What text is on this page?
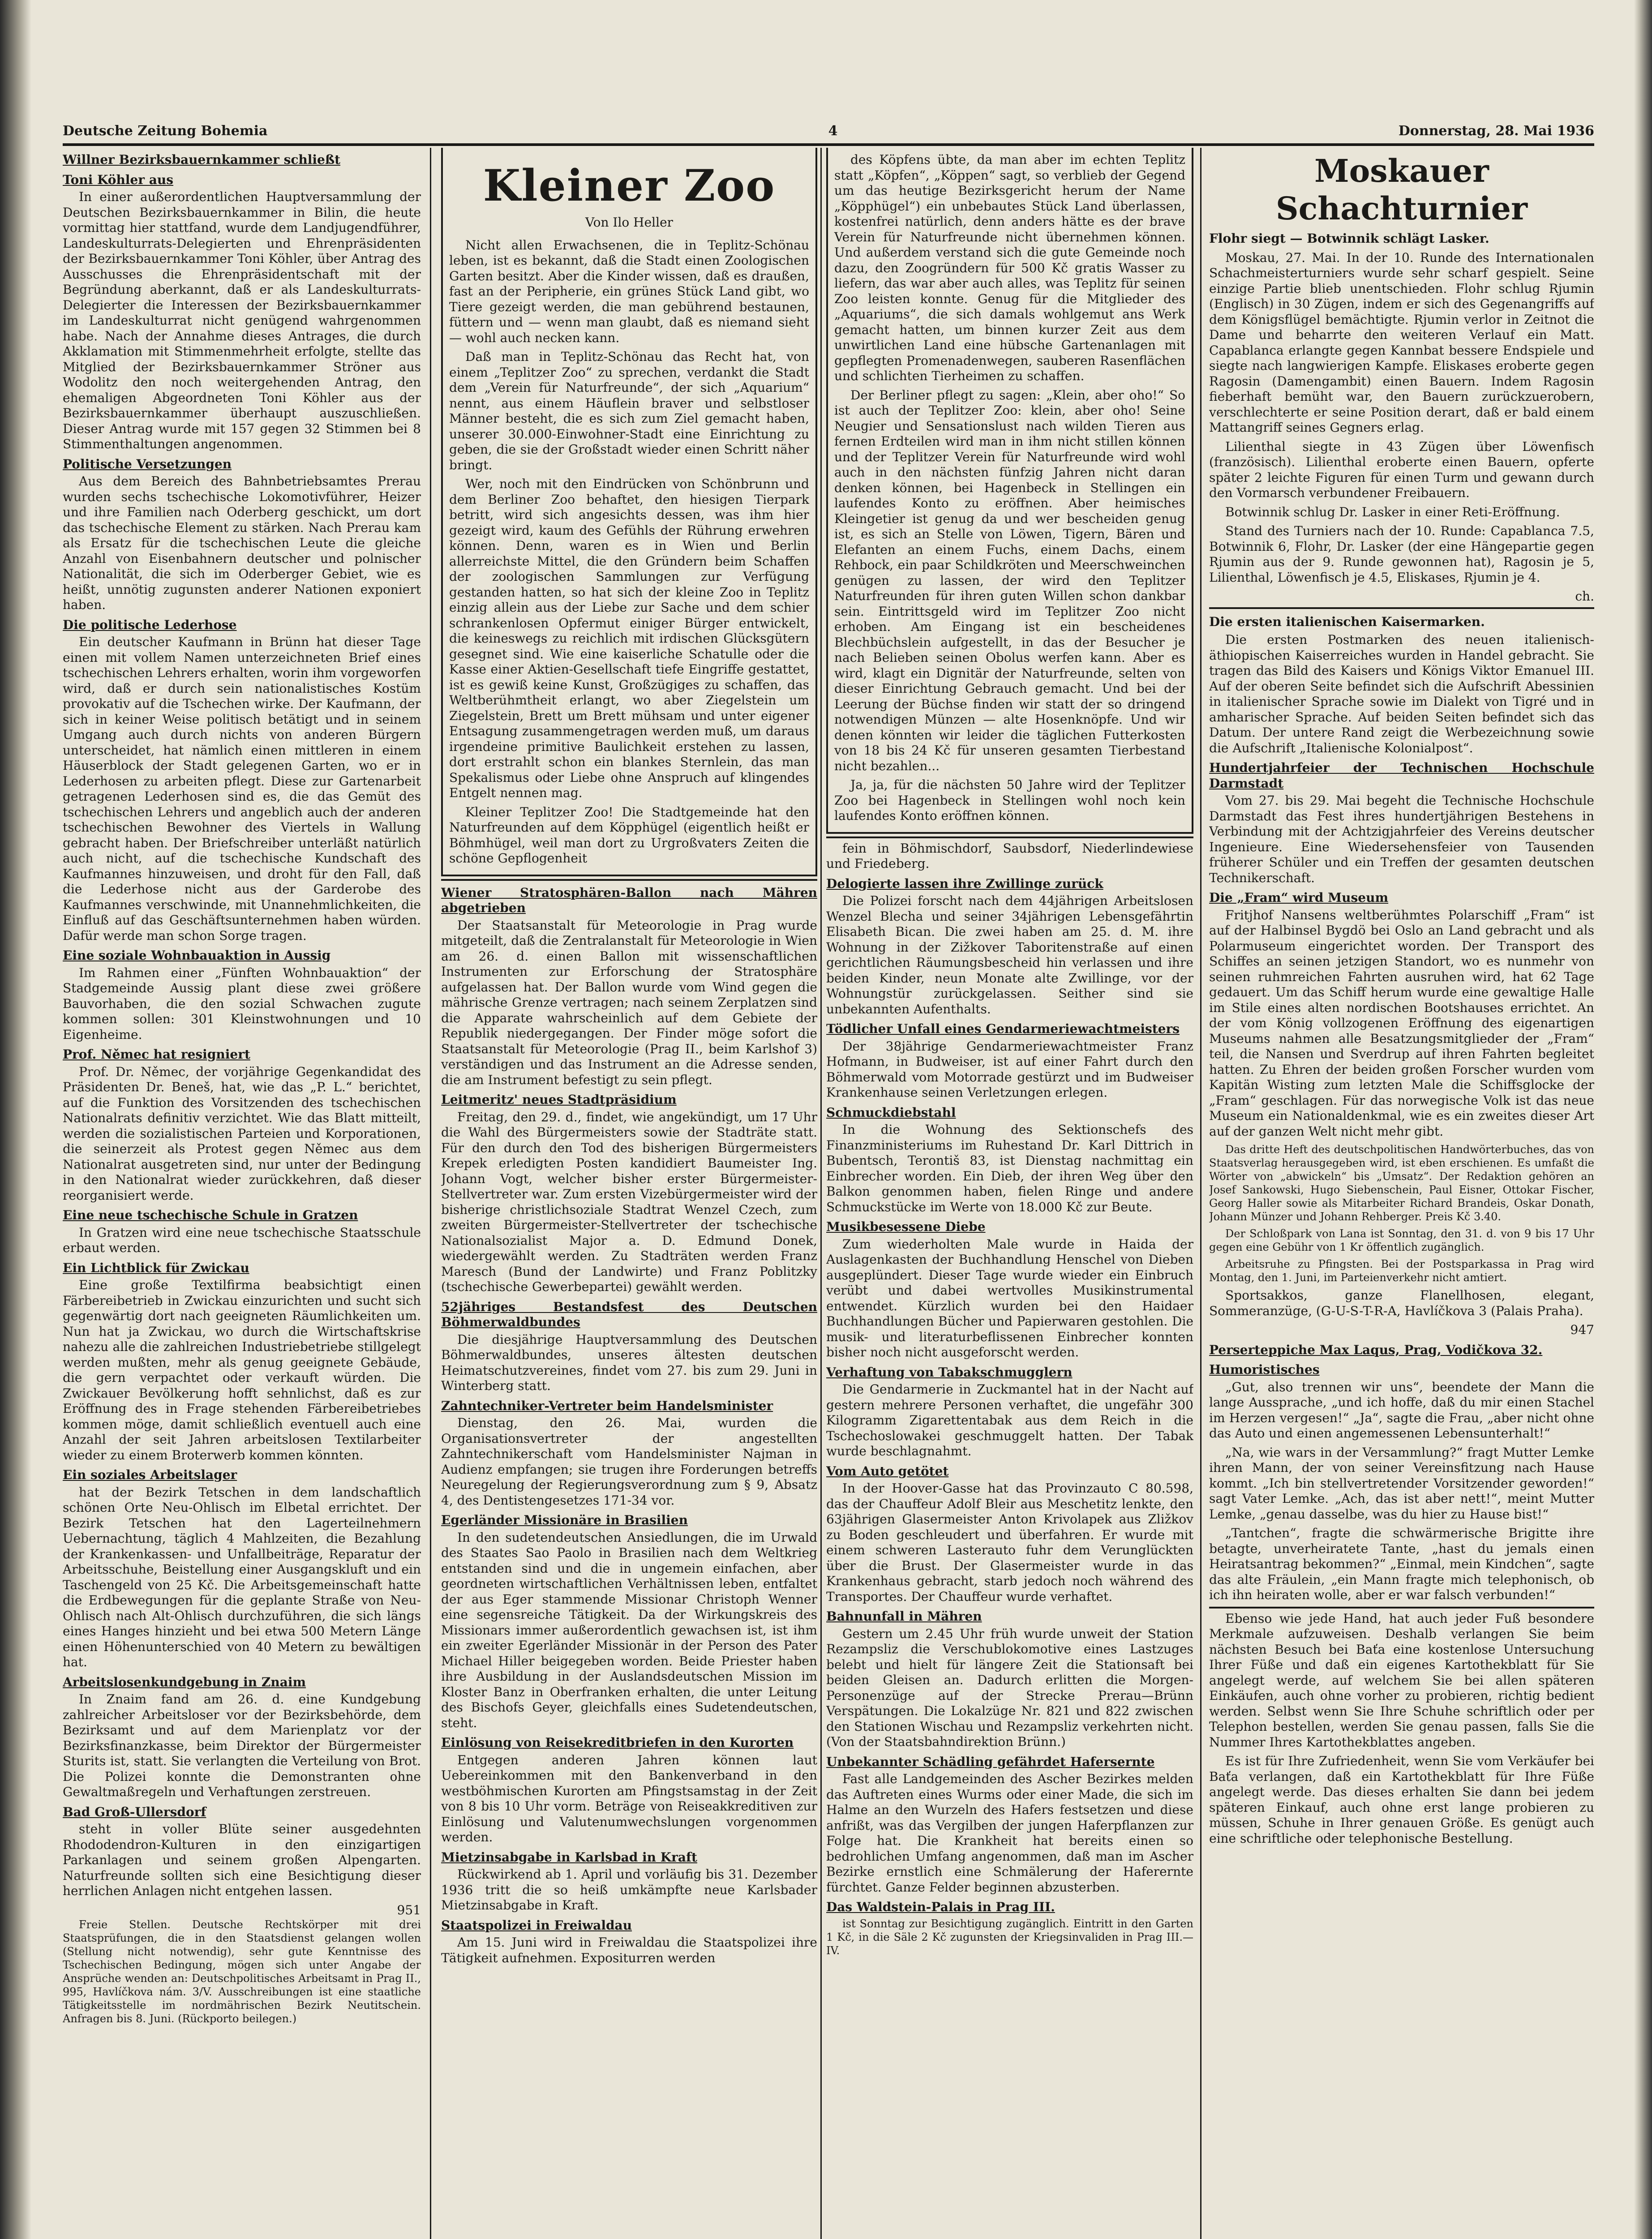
Deutsche Zeitung Bohemia	4	Donnerstag, 28. Mai 1936
Willner Bezirksbauernkammer schließt
Toni Köhler aus

In einer außerordentlichen Hauptversammlung der Deutschen Bezirksbauernkammer in Bilin, die heute vormittag hier stattfand, wurde dem Landjugendführer, Landeskulturrats-Delegierten und Ehrenpräsidenten der Bezirksbauernkammer Toni Köhler, über Antrag des Ausschusses die Ehrenpräsidentschaft mit der Begründung aberkannt, daß er als Landeskulturrats-Delegierter die Interessen der Bezirksbauernkammer im Landeskulturrat nicht genügend wahrgenommen habe. Nach der Annahme dieses Antrages, die durch Akklamation mit Stimmenmehrheit erfolgte, stellte das Mitglied der Bezirksbauernkammer Ströner aus Wodolitz den noch weitergehenden Antrag, den ehemaligen Abgeordneten Toni Köhler aus der Bezirksbauernkammer überhaupt auszuschließen. Dieser Antrag wurde mit 157 gegen 32 Stimmen bei 8 Stimmenthaltungen angenommen.

Politische Versetzungen

Aus dem Bereich des Bahnbetriebsamtes Prerau wurden sechs tschechische Lokomotivführer, Heizer und ihre Familien nach Oderberg geschickt, um dort das tschechische Element zu stärken. Nach Prerau kam als Ersatz für die tschechischen Leute die gleiche Anzahl von Eisenbahnern deutscher und polnischer Nationalität, die sich im Oderberger Gebiet, wie es heißt, unnötig zugunsten anderer Nationen exponiert haben.

Die politische Lederhose

Ein deutscher Kaufmann in Brünn hat dieser Tage einen mit vollem Namen unterzeichneten Brief eines tschechischen Lehrers erhalten, worin ihm vorgeworfen wird, daß er durch sein nationalistisches Kostüm provokativ auf die Tschechen wirke. Der Kaufmann, der sich in keiner Weise politisch betätigt und in seinem Umgang auch durch nichts von anderen Bürgern unterscheidet, hat nämlich einen mittleren in einem Häuserblock der Stadt gelegenen Garten, wo er in Lederhosen zu arbeiten pflegt. Diese zur Gartenarbeit getragenen Lederhosen sind es, die das Gemüt des tschechischen Lehrers und angeblich auch der anderen tschechischen Bewohner des Viertels in Wallung gebracht haben. Der Briefschreiber unterläßt natürlich auch nicht, auf die tschechische Kundschaft des Kaufmannes hinzuweisen, und droht für den Fall, daß die Lederhose nicht aus der Garderobe des Kaufmannes verschwinde, mit Unannehmlichkeiten, die Einfluß auf das Geschäftsunternehmen haben würden. Dafür werde man schon Sorge tragen.

Eine soziale Wohnbauaktion in Aussig

Im Rahmen einer „Fünften Wohnbauaktion“ der Stadgemeinde Aussig plant diese zwei größere Bauvorhaben, die den sozial Schwachen zugute kommen sollen: 301 Kleinstwohnungen und 10 Eigenheime.

Prof. Němec hat resigniert

Prof. Dr. Němec, der vorjährige Gegenkandidat des Präsidenten Dr. Beneš, hat, wie das „P. L.“ berichtet, auf die Funktion des Vorsitzenden des tschechischen Nationalrats definitiv verzichtet. Wie das Blatt mitteilt, werden die sozialistischen Parteien und Korporationen, die seinerzeit als Protest gegen Němec aus dem Nationalrat ausgetreten sind, nur unter der Bedingung in den Nationalrat wieder zurückkehren, daß dieser reorganisiert werde.

Eine neue tschechische Schule in Gratzen

In Gratzen wird eine neue tschechische Staatsschule erbaut werden.

Ein Lichtblick für Zwickau

Eine große Textilfirma beabsichtigt einen Färbereibetrieb in Zwickau einzurichten und sucht sich gegenwärtig dort nach geeigneten Räumlichkeiten um. Nun hat ja Zwickau, wo durch die Wirtschaftskrise nahezu alle die zahlreichen Industriebetriebe stillgelegt werden mußten, mehr als genug geeignete Gebäude, die gern verpachtet oder verkauft würden. Die Zwickauer Bevölkerung hofft sehnlichst, daß es zur Eröffnung des in Frage stehenden Färbereibetriebes kommen möge, damit schließlich eventuell auch eine Anzahl der seit Jahren arbeitslosen Textilarbeiter wieder zu einem Broterwerb kommen könnten.

Ein soziales Arbeitslager

hat der Bezirk Tetschen in dem landschaftlich schönen Orte Neu-Ohlisch im Elbetal errichtet. Der Bezirk Tetschen hat den Lagerteilnehmern Uebernachtung, täglich 4 Mahlzeiten, die Bezahlung der Krankenkassen- und Unfallbeiträge, Reparatur der Arbeitsschuhe, Beistellung einer Ausgangskluft und ein Taschengeld von 25 Kč. Die Arbeitsgemeinschaft hatte die Erdbewegungen für die geplante Straße von Neu-Ohlisch nach Alt-Ohlisch durchzuführen, die sich längs eines Hanges hinzieht und bei etwa 500 Metern Länge einen Höhenunterschied von 40 Metern zu bewältigen hat.

Arbeitslosenkundgebung in Znaim

In Znaim fand am 26. d. eine Kundgebung zahlreicher Arbeitsloser vor der Bezirksbehörde, dem Bezirksamt und auf dem Marienplatz vor der Bezirksfinanzkasse, beim Direktor der Bürgermeister Sturits ist, statt. Sie verlangten die Verteilung von Brot. Die Polizei konnte die Demonstranten ohne Gewaltmaßregeln und Verhaftungen zerstreuen.

Bad Groß-Ullersdorf

steht in voller Blüte seiner ausgedehnten Rhododendron-Kulturen in den einzigartigen Parkanlagen und seinem großen Alpengarten. Naturfreunde sollten sich eine Besichtigung dieser herrlichen Anlagen nicht entgehen lassen.

951

Freie Stellen. Deutsche Rechtskörper mit drei Staatsprüfungen, die in den Staatsdienst gelangen wollen (Stellung nicht notwendig), sehr gute Kenntnisse des Tschechischen Bedingung, mögen sich unter Angabe der Ansprüche wenden an: Deutschpolitisches Arbeitsamt in Prag II., 995, Havlíčkova nám. 3/V. Ausschreibungen ist eine staatliche Tätigkeitsstelle im nordmährischen Bezirk Neutitschein. Anfragen bis 8. Juni. (Rückporto beilegen.)

Kleiner Zoo
Von Ilo Heller

Nicht allen Erwachsenen, die in Teplitz-Schönau leben, ist es bekannt, daß die Stadt einen Zoologischen Garten besitzt. Aber die Kinder wissen, daß es draußen, fast an der Peripherie, ein grünes Stück Land gibt, wo Tiere gezeigt werden, die man gebührend bestaunen, füttern und — wenn man glaubt, daß es niemand sieht — wohl auch necken kann.

Daß man in Teplitz-Schönau das Recht hat, von einem „Teplitzer Zoo“ zu sprechen, verdankt die Stadt dem „Verein für Naturfreunde“, der sich „Aquarium“ nennt, aus einem Häuflein braver und selbstloser Männer besteht, die es sich zum Ziel gemacht haben, unserer 30.000-Einwohner-Stadt eine Einrichtung zu geben, die sie der Großstadt wieder einen Schritt näher bringt.

Wer, noch mit den Eindrücken von Schönbrunn und dem Berliner Zoo behaftet, den hiesigen Tierpark betritt, wird sich angesichts dessen, was ihm hier gezeigt wird, kaum des Gefühls der Rührung erwehren können. Denn, waren es in Wien und Berlin allerreichste Mittel, die den Gründern beim Schaffen der zoologischen Sammlungen zur Verfügung gestanden hatten, so hat sich der kleine Zoo in Teplitz einzig allein aus der Liebe zur Sache und dem schier schrankenlosen Opfermut einiger Bürger entwickelt, die keineswegs zu reichlich mit irdischen Glücksgütern gesegnet sind. Wie eine kaiserliche Schatulle oder die Kasse einer Aktien-Gesellschaft tiefe Eingriffe gestattet, ist es gewiß keine Kunst, Großzügiges zu schaffen, das Weltberühmtheit erlangt, wo aber Ziegelstein um Ziegelstein, Brett um Brett mühsam und unter eigener Entsagung zusammengetragen werden muß, um daraus irgendeine primitive Baulichkeit erstehen zu lassen, dort erstrahlt schon ein blankes Sternlein, das man Spekalismus oder Liebe ohne Anspruch auf klingendes Entgelt nennen mag.

Kleiner Teplitzer Zoo! Die Stadtgemeinde hat den Naturfreunden auf dem Köpphügel (eigentlich heißt er Böhmhügel, weil man dort zu Urgroßvaters Zeiten die schöne Gepflogenheit

Wiener Stratosphären-Ballon nach Mähren abgetrieben

Der Staatsanstalt für Meteorologie in Prag wurde mitgeteilt, daß die Zentralanstalt für Meteorologie in Wien am 26. d. einen Ballon mit wissenschaftlichen Instrumenten zur Erforschung der Stratosphäre aufgelassen hat. Der Ballon wurde vom Wind gegen die mährische Grenze vertragen; nach seinem Zerplatzen sind die Apparate wahrscheinlich auf dem Gebiete der Republik niedergegangen. Der Finder möge sofort die Staatsanstalt für Meteorologie (Prag II., beim Karlshof 3) verständigen und das Instrument an die Adresse senden, die am Instrument befestigt zu sein pflegt.

Leitmeritz' neues Stadtpräsidium

Freitag, den 29. d., findet, wie angekündigt, um 17 Uhr die Wahl des Bürgermeisters sowie der Stadträte statt. Für den durch den Tod des bisherigen Bürgermeisters Krepek erledigten Posten kandidiert Baumeister Ing. Johann Vogt, welcher bisher erster Bürgermeister-Stellvertreter war. Zum ersten Vizebürgermeister wird der bisherige christlichsoziale Stadtrat Wenzel Czech, zum zweiten Bürgermeister-Stellvertreter der tschechische Nationalsozialist Major a. D. Edmund Donek, wiedergewählt werden. Zu Stadträten werden Franz Maresch (Bund der Landwirte) und Franz Poblitzky (tschechische Gewerbepartei) gewählt werden.

52jähriges Bestandsfest des Deutschen Böhmerwaldbundes

Die diesjährige Hauptversammlung des Deutschen Böhmerwaldbundes, unseres ältesten deutschen Heimatschutzvereines, findet vom 27. bis zum 29. Juni in Winterberg statt.

Zahntechniker-Vertreter beim Handelsminister

Dienstag, den 26. Mai, wurden die Organisationsvertreter der angestellten Zahntechnikerschaft vom Handelsminister Najman in Audienz empfangen; sie trugen ihre Forderungen betreffs Neuregelung der Regierungsverordnung zum § 9, Absatz 4, des Dentistengesetzes 171-34 vor.

Egerländer Missionäre in Brasilien

In den sudetendeutschen Ansiedlungen, die im Urwald des Staates Sao Paolo in Brasilien nach dem Weltkrieg entstanden sind und die in ungemein einfachen, aber geordneten wirtschaftlichen Verhältnissen leben, entfaltet der aus Eger stammende Missionar Christoph Wenner eine segensreiche Tätigkeit. Da der Wirkungskreis des Missionars immer außerordentlich gewachsen ist, ist ihm ein zweiter Egerländer Missionär in der Person des Pater Michael Hiller beigegeben worden. Beide Priester haben ihre Ausbildung in der Auslandsdeutschen Mission im Kloster Banz in Oberfranken erhalten, die unter Leitung des Bischofs Geyer, gleichfalls eines Sudetendeutschen, steht.

Einlösung von Reisekreditbriefen in den Kurorten

Entgegen anderen Jahren können laut Uebereinkommen mit den Bankenverband in den westböhmischen Kurorten am Pfingstsamstag in der Zeit von 8 bis 10 Uhr vorm. Beträge von Reiseakkreditiven zur Einlösung und Valutenumwechslungen vorgenommen werden.

Mietzinsabgabe in Karlsbad in Kraft

Rückwirkend ab 1. April und vorläufig bis 31. Dezember 1936 tritt die so heiß umkämpfte neue Karlsbader Mietzinsabgabe in Kraft.

Staatspolizei in Freiwaldau

Am 15. Juni wird in Freiwaldau die Staatspolizei ihre Tätigkeit aufnehmen. Expositurren werden

des Köpfens übte, da man aber im echten Teplitz statt „Köpfen“, „Köppen“ sagt, so verblieb der Gegend um das heutige Bezirksgericht herum der Name „Köpphügel“) ein unbebautes Stück Land überlassen, kostenfrei natürlich, denn anders hätte es der brave Verein für Naturfreunde nicht übernehmen können. Und außerdem verstand sich die gute Gemeinde noch dazu, den Zoogründern für 500 Kč gratis Wasser zu liefern, das war aber auch alles, was Teplitz für seinen Zoo leisten konnte. Genug für die Mitglieder des „Aquariums“, die sich damals wohlgemut ans Werk gemacht hatten, um binnen kurzer Zeit aus dem unwirtlichen Land eine hübsche Gartenanlagen mit gepflegten Promenadenwegen, sauberen Rasenflächen und schlichten Tierheimen zu schaffen.

Der Berliner pflegt zu sagen: „Klein, aber oho!“ So ist auch der Teplitzer Zoo: klein, aber oho! Seine Neugier und Sensationslust nach wilden Tieren aus fernen Erdteilen wird man in ihm nicht stillen können und der Teplitzer Verein für Naturfreunde wird wohl auch in den nächsten fünfzig Jahren nicht daran denken können, bei Hagenbeck in Stellingen ein laufendes Konto zu eröffnen. Aber heimisches Kleingetier ist genug da und wer bescheiden genug ist, es sich an Stelle von Löwen, Tigern, Bären und Elefanten an einem Fuchs, einem Dachs, einem Rehbock, ein paar Schildkröten und Meerschweinchen genügen zu lassen, der wird den Teplitzer Naturfreunden für ihren guten Willen schon dankbar sein. Eintrittsgeld wird im Teplitzer Zoo nicht erhoben. Am Eingang ist ein bescheidenes Blechbüchslein aufgestellt, in das der Besucher je nach Belieben seinen Obolus werfen kann. Aber es wird, klagt ein Dignitär der Naturfreunde, selten von dieser Einrichtung Gebrauch gemacht. Und bei der Leerung der Büchse finden wir statt der so dringend notwendigen Münzen — alte Hosenknöpfe. Und wir denen könnten wir leider die täglichen Futterkosten von 18 bis 24 Kč für unseren gesamten Tierbestand nicht bezahlen...

Ja, ja, für die nächsten 50 Jahre wird der Teplitzer Zoo bei Hagenbeck in Stellingen wohl noch kein laufendes Konto eröffnen können.

fein in Böhmischdorf, Saubsdorf, Niederlindewiese und Friedeberg.

Delogierte lassen ihre Zwillinge zurück

Die Polizei forscht nach dem 44jährigen Arbeitslosen Wenzel Blecha und seiner 34jährigen Lebensgefährtin Elisabeth Bican. Die zwei haben am 25. d. M. ihre Wohnung in der Zižkover Taboritenstraße auf einen gerichtlichen Räumungsbescheid hin verlassen und ihre beiden Kinder, neun Monate alte Zwillinge, vor der Wohnungstür zurückgelassen. Seither sind sie unbekannten Aufenthalts.

Tödlicher Unfall eines Gendarmeriewachtmeisters

Der 38jährige Gendarmeriewachtmeister Franz Hofmann, in Budweiser, ist auf einer Fahrt durch den Böhmerwald vom Motorrade gestürzt und im Budweiser Krankenhause seinen Verletzungen erlegen.

Schmuckdiebstahl

In die Wohnung des Sektionschefs des Finanzministeriums im Ruhestand Dr. Karl Dittrich in Bubentsch, Terontiš 83, ist Dienstag nachmittag ein Einbrecher worden. Ein Dieb, der ihren Weg über den Balkon genommen haben, fielen Ringe und andere Schmuckstücke im Werte von 18.000 Kč zur Beute.

Musikbesessene Diebe

Zum wiederholten Male wurde in Haida der Auslagenkasten der Buchhandlung Henschel von Dieben ausgeplündert. Dieser Tage wurde wieder ein Einbruch verübt und dabei wertvolles Musikinstrumental entwendet. Kürzlich wurden bei den Haidaer Buchhandlungen Bücher und Papierwaren gestohlen. Die musik- und literaturbeflissenen Einbrecher konnten bisher noch nicht ausgeforscht werden.

Verhaftung von Tabakschmugglern

Die Gendarmerie in Zuckmantel hat in der Nacht auf gestern mehrere Personen verhaftet, die ungefähr 300 Kilogramm Zigarettentabak aus dem Reich in die Tschechoslowakei geschmuggelt hatten. Der Tabak wurde beschlagnahmt.

Vom Auto getötet

In der Hoover-Gasse hat das Provinzauto C 80.598, das der Chauffeur Adolf Bleir aus Meschetitz lenkte, den 63jährigen Glasermeister Anton Krivolapek aus Zližkov zu Boden geschleudert und überfahren. Er wurde mit einem schweren Lasterauto fuhr dem Verunglückten über die Brust. Der Glasermeister wurde in das Krankenhaus gebracht, starb jedoch noch während des Transportes. Der Chauffeur wurde verhaftet.

Bahnunfall in Mähren

Gestern um 2.45 Uhr früh wurde unweit der Station Rezampsliz die Verschublokomotive eines Lastzuges belebt und hielt für längere Zeit die Stationsaft bei beiden Gleisen an. Dadurch erlitten die Morgen-Personenzüge auf der Strecke Prerau—Brünn Verspätungen. Die Lokalzüge Nr. 821 und 822 zwischen den Stationen Wischau und Rezampsliz verkehrten nicht. (Von der Staatsbahndirektion Brünn.)

Unbekannter Schädling gefährdet Hafersernte

Fast alle Landgemeinden des Ascher Bezirkes melden das Auftreten eines Wurms oder einer Made, die sich im Halme an den Wurzeln des Hafers festsetzen und diese anfrißt, was das Vergilben der jungen Haferpflanzen zur Folge hat. Die Krankheit hat bereits einen so bedrohlichen Umfang angenommen, daß man im Ascher Bezirke ernstlich eine Schmälerung der Haferernte fürchtet. Ganze Felder beginnen abzusterben.

Das Waldstein-Palais in Prag III.

ist Sonntag zur Besichtigung zugänglich. Eintritt in den Garten 1 Kč, in die Säle 2 Kč zugunsten der Kriegsinvaliden in Prag III.—IV.

Moskauer Schachturnier
Flohr siegt — Botwinnik schlägt Lasker.

Moskau, 27. Mai. In der 10. Runde des Internationalen Schachmeisterturniers wurde sehr scharf gespielt. Seine einzige Partie blieb unentschieden. Flohr schlug Rjumin (Englisch) in 30 Zügen, indem er sich des Gegenangriffs auf dem Königsflügel bemächtigte. Rjumin verlor in Zeitnot die Dame und beharrte den weiteren Verlauf ein Matt. Capablanca erlangte gegen Kannbat bessere Endspiele und siegte nach langwierigen Kampfe. Eliskases eroberte gegen Ragosin (Damengambit) einen Bauern. Indem Ragosin fieberhaft bemüht war, den Bauern zurückzuerobern, verschlechterte er seine Position derart, daß er bald einem Mattangriff seines Gegners erlag.

Lilienthal siegte in 43 Zügen über Löwenfisch (französisch). Lilienthal eroberte einen Bauern, opferte später 2 leichte Figuren für einen Turm und gewann durch den Vormarsch verbundener Freibauern.

Botwinnik schlug Dr. Lasker in einer Reti-Eröffnung.

Stand des Turniers nach der 10. Runde: Capablanca 7.5, Botwinnik 6, Flohr, Dr. Lasker (der eine Hängepartie gegen Rjumin aus der 9. Runde gewonnen hat), Ragosin je 5, Lilienthal, Löwenfisch je 4.5, Eliskases, Rjumin je 4.

ch.
Die ersten italienischen Kaisermarken.

Die ersten Postmarken des neuen italienisch-äthiopischen Kaiserreiches wurden in Handel gebracht. Sie tragen das Bild des Kaisers und Königs Viktor Emanuel III. Auf der oberen Seite befindet sich die Aufschrift Abessinien in italienischer Sprache sowie im Dialekt von Tigré und in amharischer Sprache. Auf beiden Seiten befindet sich das Datum. Der untere Rand zeigt die Werbezeichnung sowie die Aufschrift „Italienische Kolonialpost“.

Hundertjahrfeier der Technischen Hochschule Darmstadt

Vom 27. bis 29. Mai begeht die Technische Hochschule Darmstadt das Fest ihres hundertjährigen Bestehens in Verbindung mit der Achtzigjahrfeier des Vereins deutscher Ingenieure. Eine Wiedersehensfeier von Tausenden früherer Schüler und ein Treffen der gesamten deutschen Technikerschaft.

Die „Fram“ wird Museum

Fritjhof Nansens weltberühmtes Polarschiff „Fram“ ist auf der Halbinsel Bygdö bei Oslo an Land gebracht und als Polarmuseum eingerichtet worden. Der Transport des Schiffes an seinen jetzigen Standort, wo es nunmehr von seinen ruhmreichen Fahrten ausruhen wird, hat 62 Tage gedauert. Um das Schiff herum wurde eine gewaltige Halle im Stile eines alten nordischen Bootshauses errichtet. An der vom König vollzogenen Eröffnung des eigenartigen Museums nahmen alle Besatzungsmitglieder der „Fram“ teil, die Nansen und Sverdrup auf ihren Fahrten begleitet hatten. Zu Ehren der beiden großen Forscher wurden vom Kapitän Wisting zum letzten Male die Schiffsglocke der „Fram“ geschlagen. Für das norwegische Volk ist das neue Museum ein Nationaldenkmal, wie es ein zweites dieser Art auf der ganzen Welt nicht mehr gibt.

Das dritte Heft des deutschpolitischen Handwörterbuches, das von Staatsverlag herausgegeben wird, ist eben erschienen. Es umfaßt die Wörter von „abwickeln“ bis „Umsatz“. Der Redaktion gehören an Josef Sankowski, Hugo Siebenschein, Paul Eisner, Ottokar Fischer, Georg Haller sowie als Mitarbeiter Richard Brandeis, Oskar Donath, Johann Münzer und Johann Rehberger. Preis Kč 3.40.

Der Schloßpark von Lana ist Sonntag, den 31. d. von 9 bis 17 Uhr gegen eine Gebühr von 1 Kr öffentlich zugänglich.

Arbeitsruhe zu Pfingsten. Bei der Postsparkassa in Prag wird Montag, den 1. Juni, im Parteienverkehr nicht amtiert.

Sportsakkos, ganze Flanellhosen, elegant, Sommeranzüge, (G-U-S-T-R-A, Havlíčkova 3 (Palais Praha).

947
Perserteppiche Max Laqus, Prag, Vodičkova 32.
Humoristisches

„Gut, also trennen wir uns“, beendete der Mann die lange Aussprache, „und ich hoffe, daß du mir einen Stachel im Herzen vergesen!“ „Ja“, sagte die Frau, „aber nicht ohne das Auto und einen angemessenen Lebensunterhalt!“

„Na, wie wars in der Versammlung?“ fragt Mutter Lemke ihren Mann, der von seiner Vereinsfitzung nach Hause kommt. „Ich bin stellvertretender Vorsitzender geworden!“ sagt Vater Lemke. „Ach, das ist aber nett!“, meint Mutter Lemke, „genau dasselbe, was du hier zu Hause bist!“

„Tantchen“, fragte die schwärmerische Brigitte ihre betagte, unverheiratete Tante, „hast du jemals einen Heiratsantrag bekommen?“ „Einmal, mein Kindchen“, sagte das alte Fräulein, „ein Mann fragte mich telephonisch, ob ich ihn heiraten wolle, aber er war falsch verbunden!“

Ebenso wie jede Hand, hat auch jeder Fuß besondere Merkmale aufzuweisen. Deshalb verlangen Sie beim nächsten Besuch bei Baťa eine kostenlose Untersuchung Ihrer Füße und daß ein eigenes Kartothekblatt für Sie angelegt werde, auf welchem Sie bei allen späteren Einkäufen, auch ohne vorher zu probieren, richtig bedient werden. Selbst wenn Sie Ihre Schuhe schriftlich oder per Telephon bestellen, werden Sie genau passen, falls Sie die Nummer Ihres Kartothekblattes angeben.

Es ist für Ihre Zufriedenheit, wenn Sie vom Verkäufer bei Baťa verlangen, daß ein Kartothekblatt für Ihre Füße angelegt werde. Das dieses erhalten Sie dann bei jedem späteren Einkauf, auch ohne erst lange probieren zu müssen, Schuhe in Ihrer genauen Größe. Es genügt auch eine schriftliche oder telephonische Bestellung.
